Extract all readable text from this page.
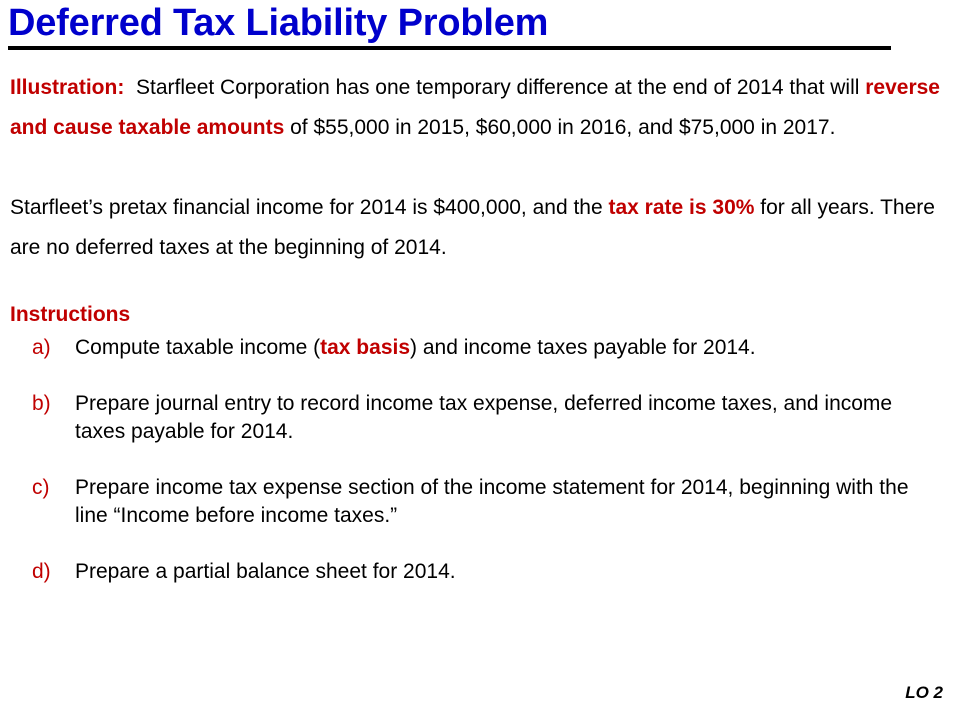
Deferred Tax Liability Problem

Illustration: Starfleet Corporation has one temporary difference at the end of 2014 that will reverse and cause taxable amounts of $55,000 in 2015, $60,000 in 2016, and $75,000 in 2017.

Starfleet’s pretax financial income for 2014 is $400,000, and the tax rate is 30% for all years. There are no deferred taxes at the beginning of 2014.

Instructions
a) Compute taxable income (tax basis) and income taxes payable for 2014.
b) Prepare journal entry to record income tax expense, deferred income taxes, and income taxes payable for 2014.
c) Prepare income tax expense section of the income statement for 2014, beginning with the line “Income before income taxes.”
d) Prepare a partial balance sheet for 2014.

LO 2
